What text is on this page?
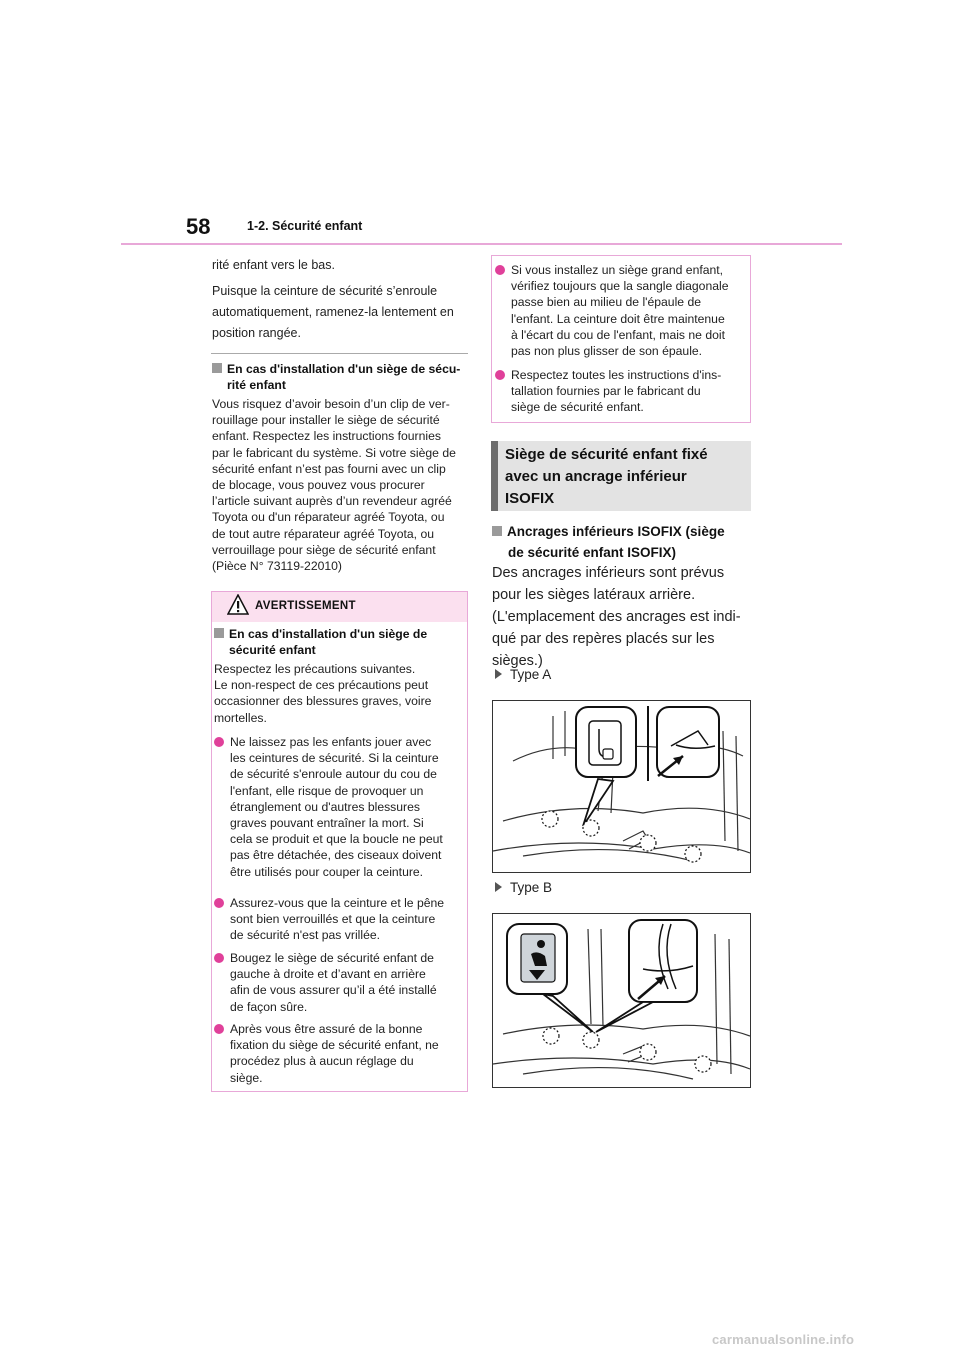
58	1-2. Sécurité enfant
rité enfant vers le bas.
Puisque la ceinture de sécurité s’enroule
automatiquement, ramenez-la lentement en
position rangée.
En cas d'installation d'un siège de sécu-
rité enfant
Vous risquez d’avoir besoin d’un clip de ver-
rouillage pour installer le siège de sécurité
enfant. Respectez les instructions fournies
par le fabricant du système. Si votre siège de
sécurité enfant n’est pas fourni avec un clip
de blocage, vous pouvez vous procurer
l’article suivant auprès d’un revendeur agréé
Toyota ou d'un réparateur agréé Toyota, ou
de tout autre réparateur agréé Toyota, ou
verrouillage pour siège de sécurité enfant
(Pièce N° 73119-22010)
AVERTISSEMENT
En cas d'installation d'un siège de
sécurité enfant
Respectez les précautions suivantes.
Le non-respect de ces précautions peut
occasionner des blessures graves, voire
mortelles.
Ne laissez pas les enfants jouer avec
les ceintures de sécurité. Si la ceinture
de sécurité s'enroule autour du cou de
l'enfant, elle risque de provoquer un
étranglement ou d'autres blessures
graves pouvant entraîner la mort. Si
cela se produit et que la boucle ne peut
pas être détachée, des ciseaux doivent
être utilisés pour couper la ceinture.
Assurez-vous que la ceinture et le pêne
sont bien verrouillés et que la ceinture
de sécurité n'est pas vrillée.
Bougez le siège de sécurité enfant de
gauche à droite et d’avant en arrière
afin de vous assurer qu’il a été installé
de façon sûre.
Après vous être assuré de la bonne
fixation du siège de sécurité enfant, ne
procédez plus à aucun réglage du
siège.
Si vous installez un siège grand enfant,
vérifiez toujours que la sangle diagonale
passe bien au milieu de l'épaule de
l'enfant. La ceinture doit être maintenue
à l'écart du cou de l'enfant, mais ne doit
pas non plus glisser de son épaule.
Respectez toutes les instructions d'ins-
tallation fournies par le fabricant du
siège de sécurité enfant.
Siège de sécurité enfant fixé
avec un ancrage inférieur
ISOFIX
Ancrages inférieurs ISOFIX (siège
de sécurité enfant ISOFIX)
Des ancrages inférieurs sont prévus
pour les sièges latéraux arrière.
(L'emplacement des ancrages est indi-
qué par des repères placés sur les
sièges.)
Type A
Type B
carmanualsonline.info
